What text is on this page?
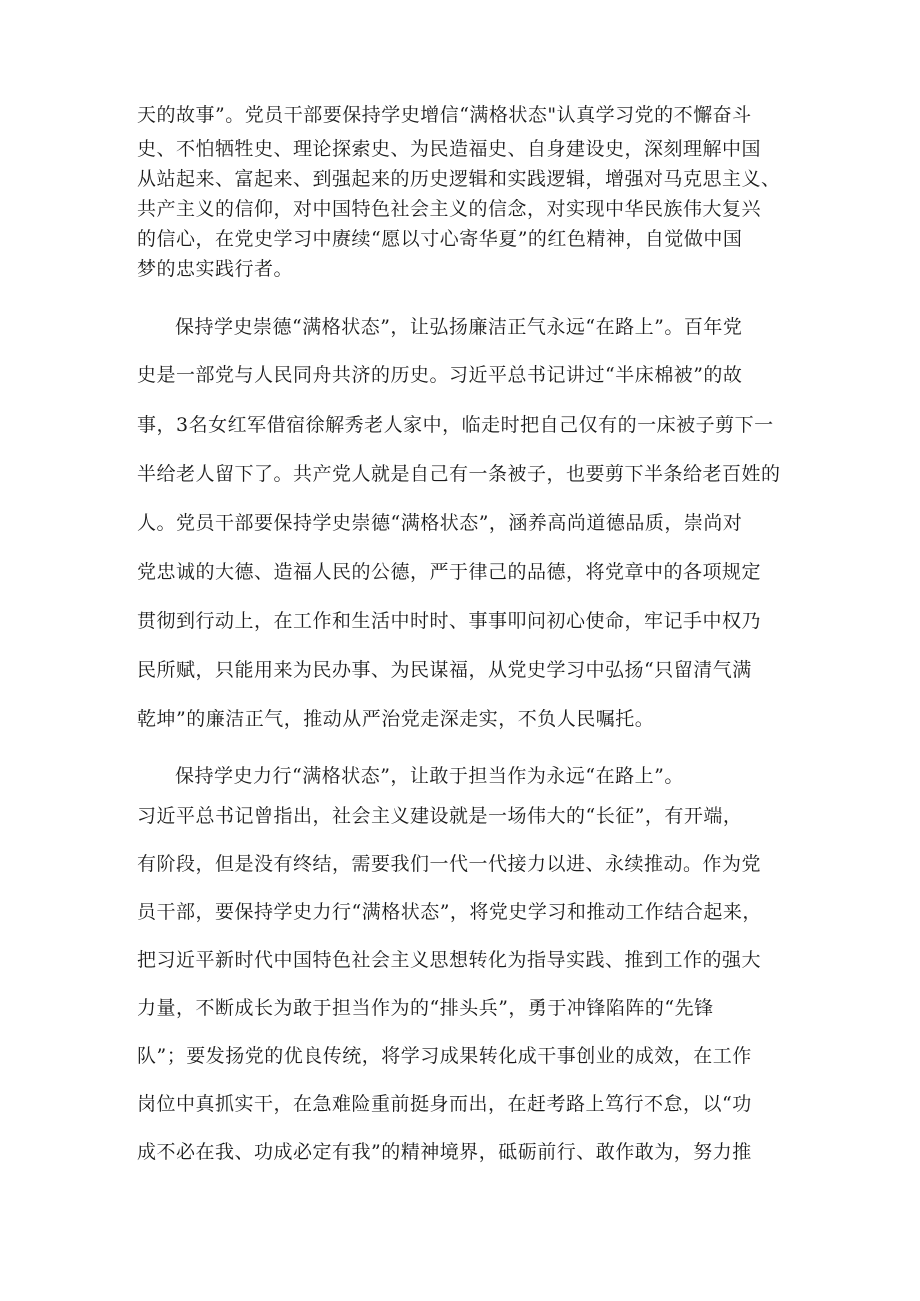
天的故事”。党员干部要保持学史增信“满格状态"认真学习党的不懈奋斗
史、不怕牺牲史、理论探索史、为民造福史、自身建设史，深刻理解中国
从站起来、富起来、到强起来的历史逻辑和实践逻辑，增强对马克思主义、
共产主义的信仰，对中国特色社会主义的信念，对实现中华民族伟大复兴
的信心，在党史学习中赓续“愿以寸心寄华夏”的红色精神，自觉做中国
梦的忠实践行者。
保持学史崇德“满格状态”，让弘扬廉洁正气永远“在路上”。百年党
史是一部党与人民同舟共济的历史。习近平总书记讲过“半床棉被”的故
事，3名女红军借宿徐解秀老人家中，临走时把自己仅有的一床被子剪下一
半给老人留下了。共产党人就是自己有一条被子，也要剪下半条给老百姓的
人。党员干部要保持学史崇德“满格状态”，涵养高尚道德品质，崇尚对
党忠诚的大德、造福人民的公德，严于律己的品德，将党章中的各项规定
贯彻到行动上，在工作和生活中时时、事事叩问初心使命，牢记手中权乃
民所赋，只能用来为民办事、为民谋福，从党史学习中弘扬“只留清气满
乾坤”的廉洁正气，推动从严治党走深走实，不负人民嘱托。
保持学史力行“满格状态”，让敢于担当作为永远“在路上”。
习近平总书记曾指出，社会主义建设就是一场伟大的“长征”，有开端，
有阶段，但是没有终结，需要我们一代一代接力以进、永续推动。作为党
员干部，要保持学史力行“满格状态”，将党史学习和推动工作结合起来，
把习近平新时代中国特色社会主义思想转化为指导实践、推到工作的强大
力量，不断成长为敢于担当作为的“排头兵”，勇于冲锋陷阵的“先锋
队”；要发扬党的优良传统，将学习成果转化成干事创业的成效，在工作
岗位中真抓实干，在急难险重前挺身而出，在赶考路上笃行不怠，以“功
成不必在我、功成必定有我”的精神境界，砥砺前行、敢作敢为，努力推
